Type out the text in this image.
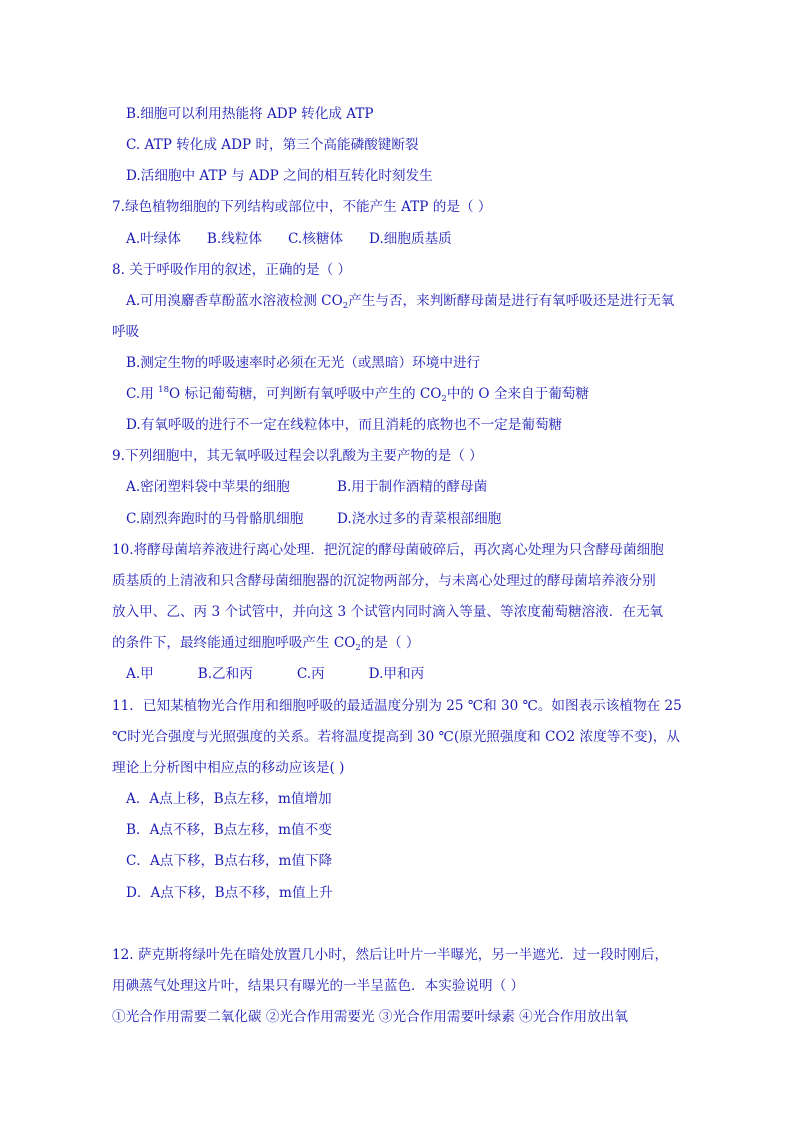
B.细胞可以利用热能将 ADP 转化成 ATP
C. ATP 转化成 ADP 时，第三个高能磷酸键断裂
D.活细胞中 ATP 与 ADP 之间的相互转化时刻发生
7.绿色植物细胞的下列结构或部位中，不能产生 ATP 的是（ ）
A.叶绿体 B.线粒体 C.核糖体 D.细胞质基质
8. 关于呼吸作用的叙述，正确的是（ ）
A.可用溴麝香草酚蓝水溶液检测 $CO_2$产生与否，来判断酵母菌是进行有氧呼吸还是进行无氧
呼吸
B.测定生物的呼吸速率时必须在无光（或黑暗）环境中进行
C.用 $^{18}$O 标记葡萄糖，可判断有氧呼吸中产生的 $CO_2$中的 O 全来自于葡萄糖
D.有氧呼吸的进行不一定在线粒体中，而且消耗的底物也不一定是葡萄糖
9.下列细胞中，其无氧呼吸过程会以乳酸为主要产物的是（ ）
A.密闭塑料袋中苹果的细胞	B.用于制作酒精的酵母菌
C.剧烈奔跑时的马骨骼肌细胞 D.浇水过多的青菜根部细胞
10.将酵母菌培养液进行离心处理．把沉淀的酵母菌破碎后，再次离心处理为只含酵母菌细胞
质基质的上清液和只含酵母菌细胞器的沉淀物两部分，与未离心处理过的酵母菌培养液分别
放入甲、乙、丙 3 个试管中，并向这 3 个试管内同时滴入等量、等浓度葡萄糖溶液．在无氧
的条件下，最终能通过细胞呼吸产生 $CO_2$的是（ ）
A.甲	B.乙和丙	C.丙	D.甲和丙
11．已知某植物光合作用和细胞呼吸的最适温度分别为 25 ℃和 30 ℃。如图表示该植物在 25
℃时光合强度与光照强度的关系。若将温度提高到 30 ℃(原光照强度和 CO2 浓度等不变)，从
理论上分析图中相应点的移动应该是( )
A．A点上移，B点左移，m值增加
B．A点不移，B点左移，m值不变
C．A点下移，B点右移，m值下降
D．A点下移，B点不移，m值上升
12. 萨克斯将绿叶先在暗处放置几小时，然后让叶片一半曝光，另一半遮光．过一段时刚后，
用碘蒸气处理这片叶，结果只有曝光的一半呈蓝色．本实验说明（ ）
①光合作用需要二氧化碳 ②光合作用需要光 ③光合作用需要叶绿素 ④光合作用放出氧
